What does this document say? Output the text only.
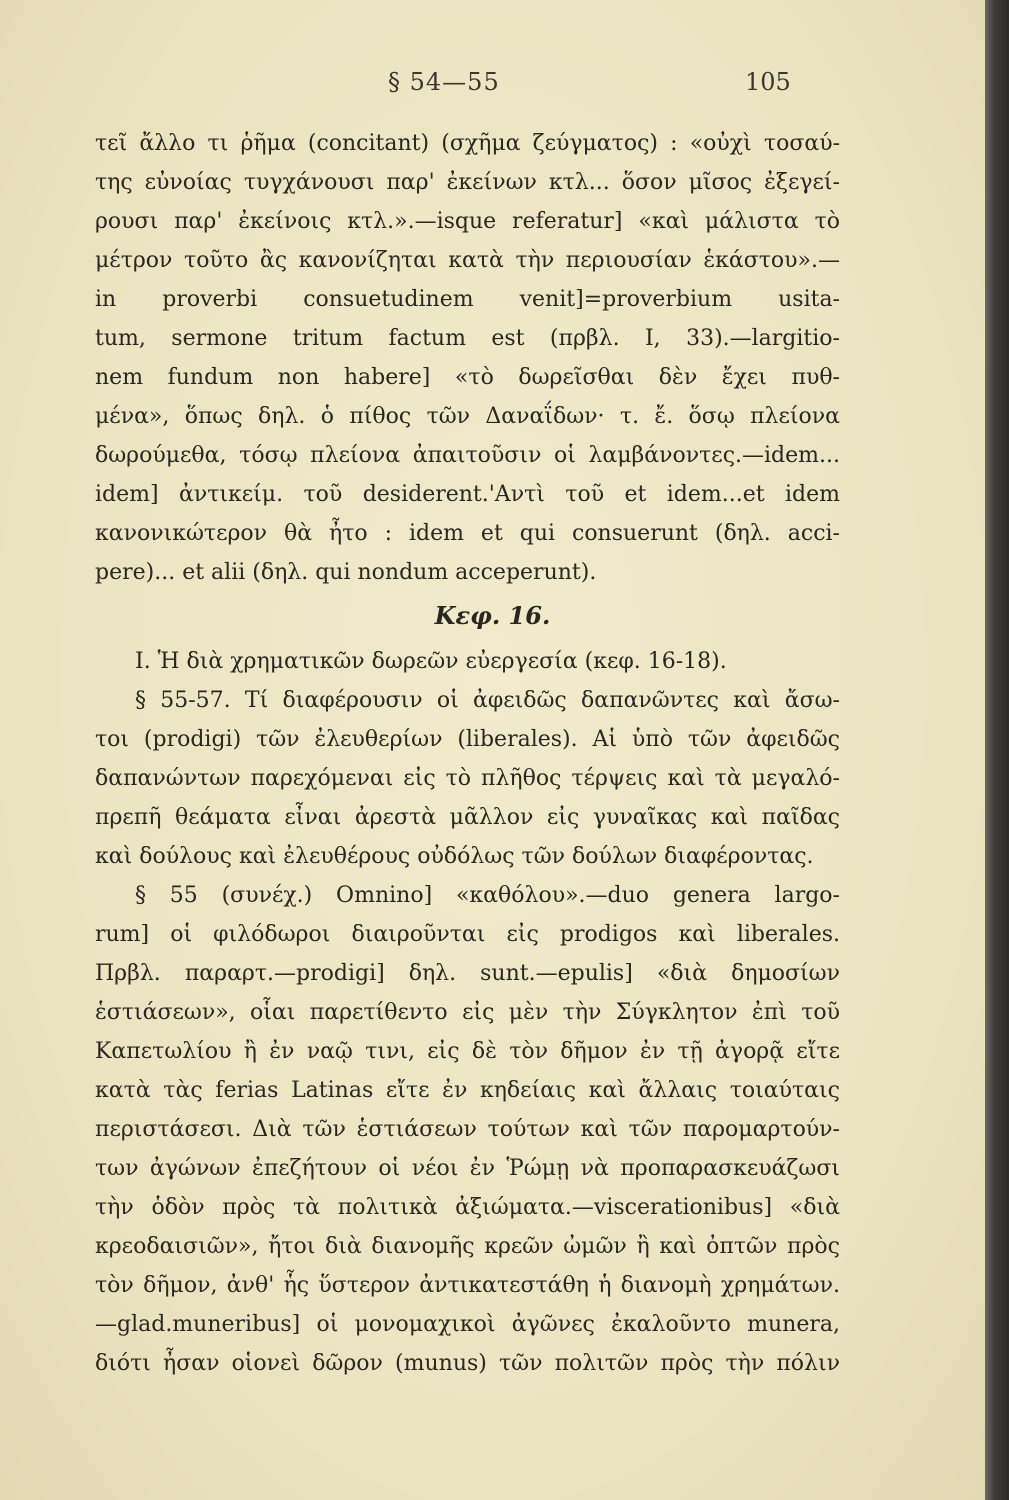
§ 54—55	105
τεῖ ἄλλο τι ῥῆμα (concitant) (σχῆμα ζεύγματος) : «οὐχὶ τοσαύ-
της εὐνοίας τυγχάνουσι παρ' ἐκείνων κτλ... ὅσον μῖσος ἐξεγεί-
ρουσι παρ' ἐκείνοις κτλ.».—isque referatur] «καὶ μάλιστα τὸ
μέτρον τοῦτο ἂς κανονίζηται κατὰ τὴν περιουσίαν ἑκάστου».—
in proverbi consuetudinem venit]=proverbium usita-
tum, sermone tritum factum est (πρβλ. I, 33).—largitio-
nem fundum non habere] «τὸ δωρεῖσθαι δὲν ἔχει πυθ-
μένα», ὅπως δηλ. ὁ πίθος τῶν Δαναΐδων· τ. ἔ. ὅσῳ πλείονα
δωρούμεθα, τόσῳ πλείονα ἀπαιτοῦσιν οἱ λαμβάνοντες.—idem...
idem] ἀντικείμ. τοῦ desiderent.'Αντὶ τοῦ et idem...et idem
κανονικώτερον θὰ ἦτο : idem et qui consuerunt (δηλ. acci-
pere)... et alii (δηλ. qui nondum acceperunt).
Κεφ. 16.
I. Ἡ διὰ χρηματικῶν δωρεῶν εὐεργεσία (κεφ. 16-18).
§ 55-57. Τί διαφέρουσιν οἱ ἀφειδῶς δαπανῶντες καὶ ἄσω-
τοι (prodigi) τῶν ἐλευθερίων (liberales). Αἱ ὑπὸ τῶν ἀφειδῶς
δαπανώντων παρεχόμεναι εἰς τὸ πλῆθος τέρψεις καὶ τὰ μεγαλό-
πρεπῆ θεάματα εἶναι ἀρεστὰ μᾶλλον εἰς γυναῖκας καὶ παῖδας
καὶ δούλους καὶ ἐλευθέρους οὐδόλως τῶν δούλων διαφέροντας.
§ 55 (συνέχ.) Omnino] «καθόλου».—duo genera largo-
rum] οἱ φιλόδωροι διαιροῦνται εἰς prodigos καὶ liberales.
Πρβλ. παραρτ.—prodigi] δηλ. sunt.—epulis] «διὰ δημοσίων
ἑστιάσεων», οἷαι παρετίθεντο εἰς μὲν τὴν Σύγκλητον ἐπὶ τοῦ
Καπετωλίου ἢ ἐν ναῷ τινι, εἰς δὲ τὸν δῆμον ἐν τῇ ἀγορᾷ εἴτε
κατὰ τὰς ferias Latinas εἴτε ἐν κηδείαις καὶ ἄλλαις τοιαύταις
περιστάσεσι. Διὰ τῶν ἑστιάσεων τούτων καὶ τῶν παρομαρτούν-
των ἀγώνων ἐπεζήτουν οἱ νέοι ἐν Ῥώμῃ νὰ προπαρασκευάζωσι
τὴν ὁδὸν πρὸς τὰ πολιτικὰ ἀξιώματα.—viscerationibus] «διὰ
κρεοδαισιῶν», ἤτοι διὰ διανομῆς κρεῶν ὠμῶν ἢ καὶ ὀπτῶν πρὸς
τὸν δῆμον, ἀνθ' ἧς ὕστερον ἀντικατεστάθη ἡ διανομὴ χρημάτων.
—glad.muneribus] οἱ μονομαχικοὶ ἀγῶνες ἐκαλοῦντο munera,
διότι ἦσαν οἱονεὶ δῶρον (munus) τῶν πολιτῶν πρὸς τὴν πόλιν
